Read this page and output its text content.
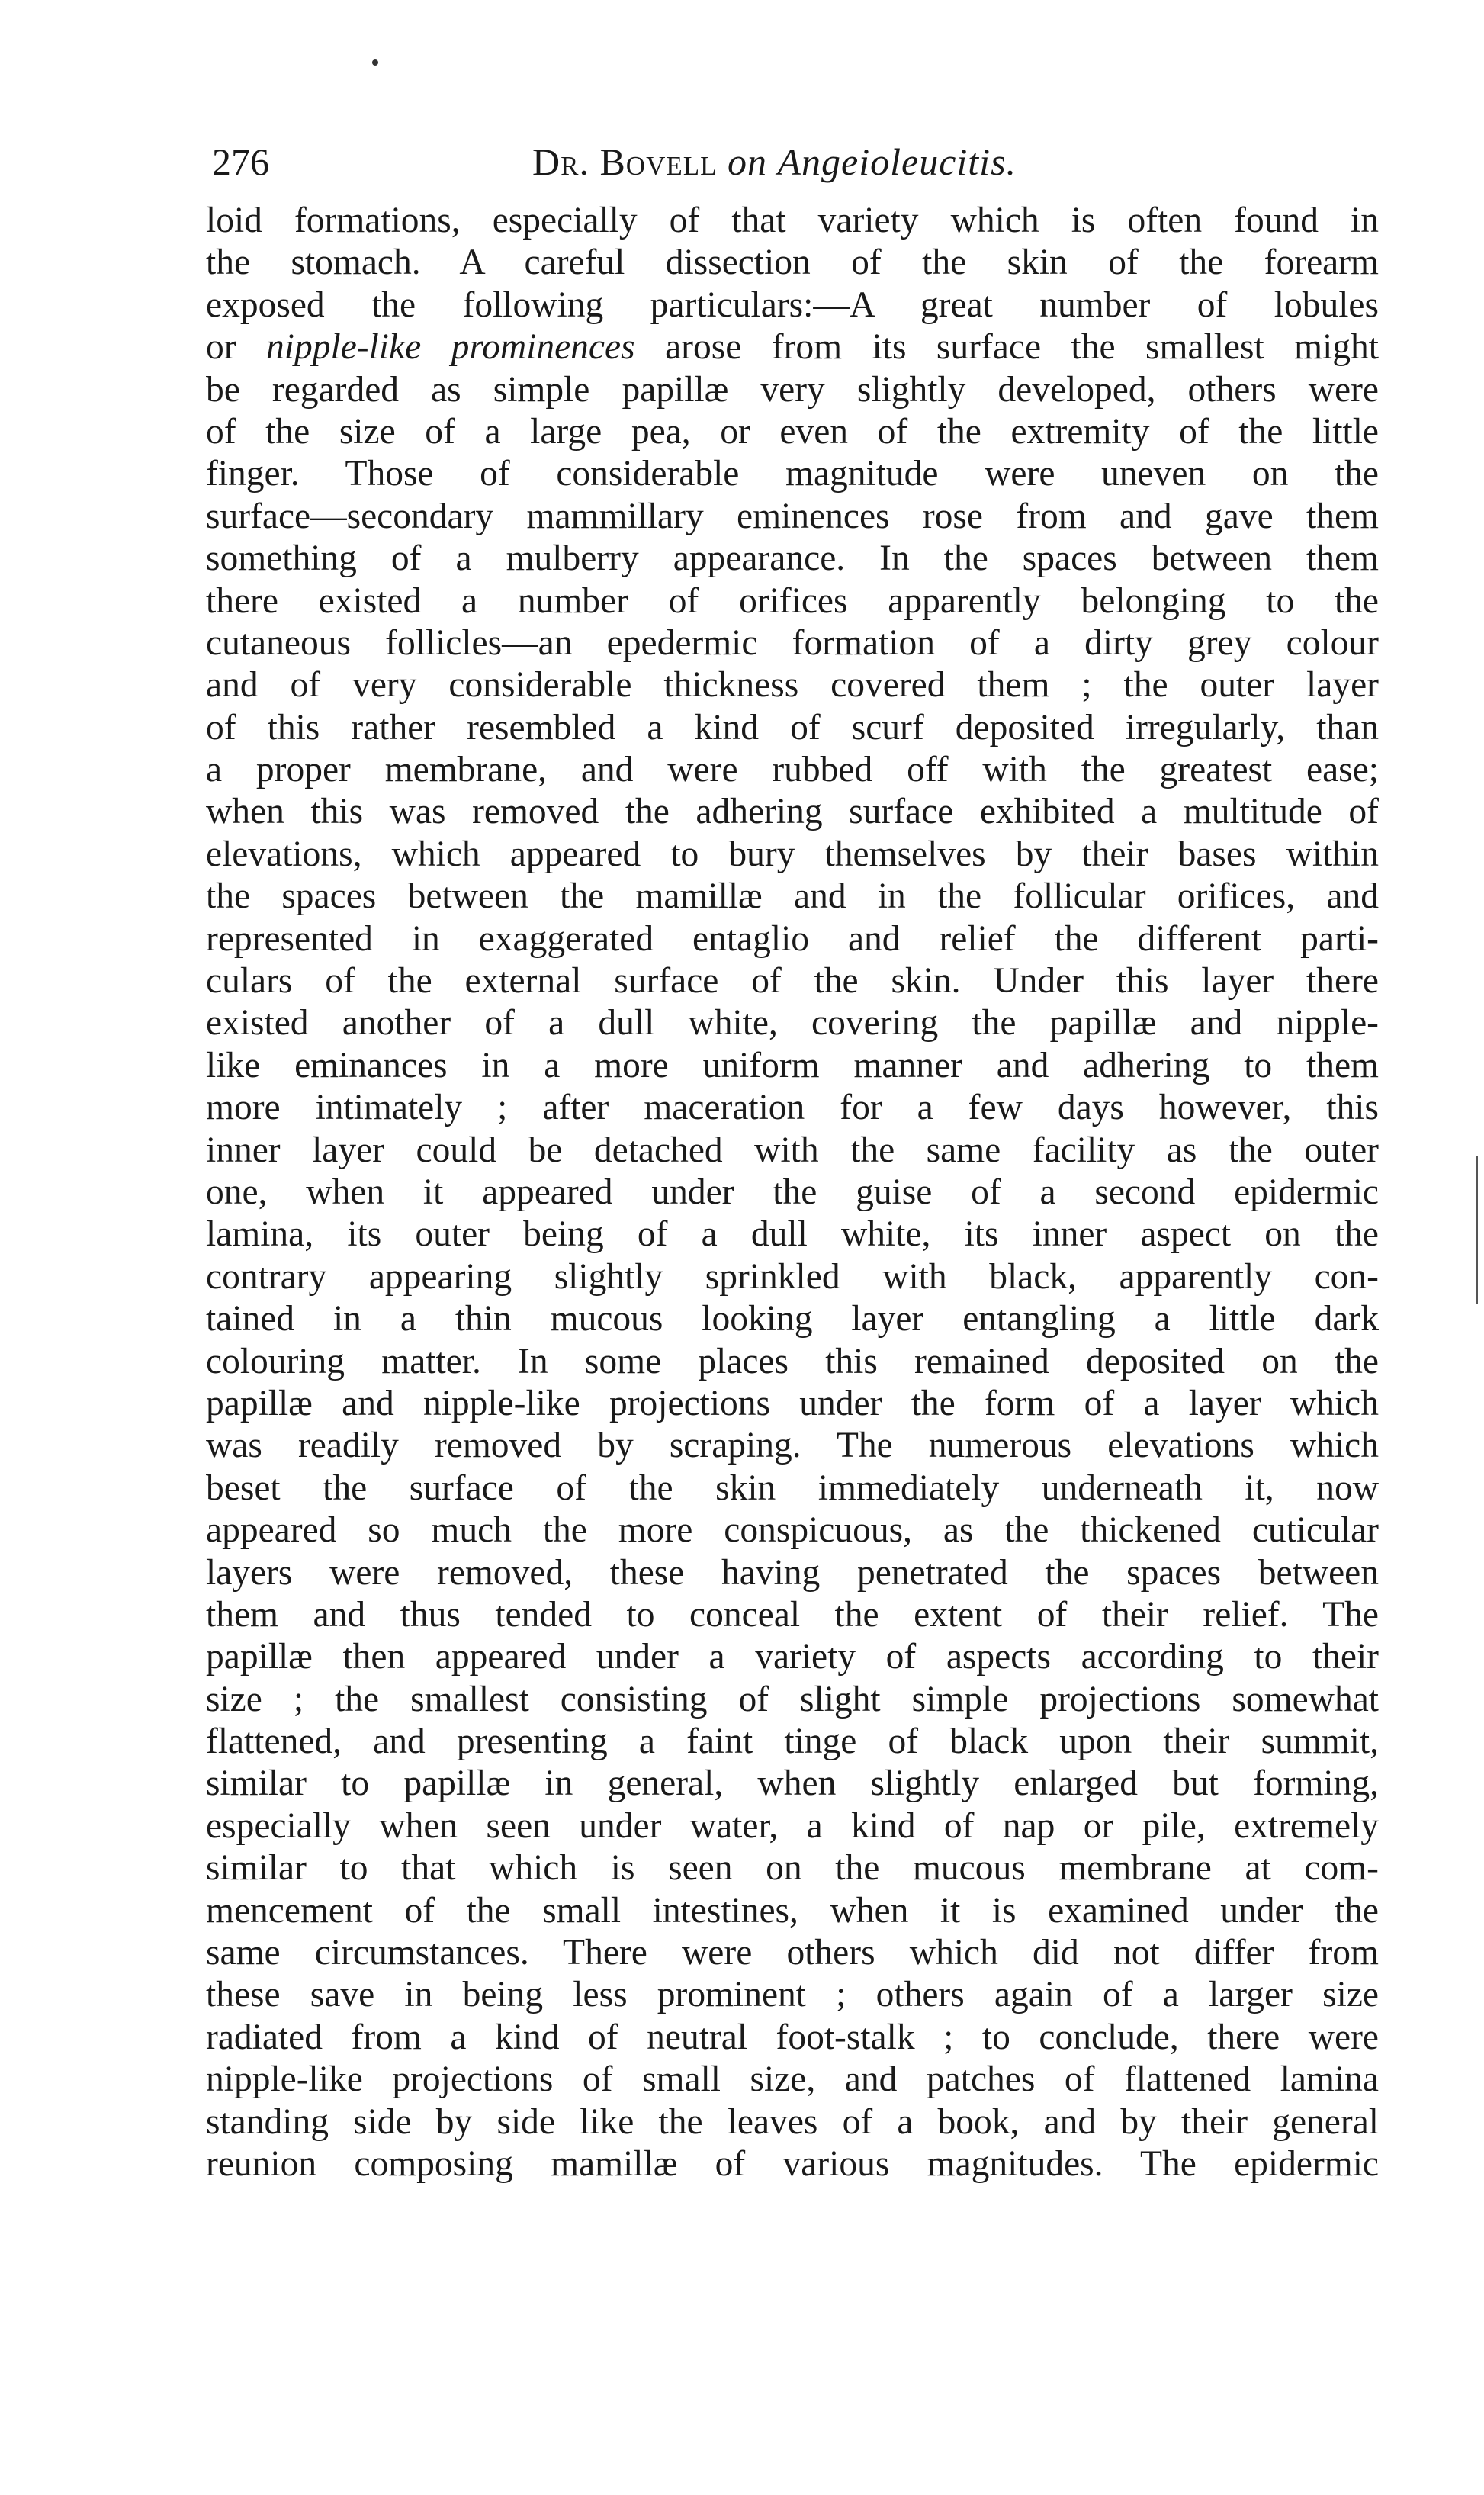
276	Dr. Bovell on Angeioleucitis.
loid formations, especially of that variety which is often found in
the stomach. A careful dissection of the skin of the forearm
exposed the following particulars:—A great number of lobules
or nipple-like prominences arose from its surface the smallest might
be regarded as simple papillæ very slightly developed, others were
of the size of a large pea, or even of the extremity of the little
finger. Those of considerable magnitude were uneven on the
surface—secondary mammillary eminences rose from and gave them
something of a mulberry appearance. In the spaces between them
there existed a number of orifices apparently belonging to the
cutaneous follicles—an epedermic formation of a dirty grey colour
and of very considerable thickness covered them ; the outer layer
of this rather resembled a kind of scurf deposited irregularly, than
a proper membrane, and were rubbed off with the greatest ease;
when this was removed the adhering surface exhibited a multitude of
elevations, which appeared to bury themselves by their bases within
the spaces between the mamillæ and in the follicular orifices, and
represented in exaggerated entaglio and relief the different parti-
culars of the external surface of the skin. Under this layer there
existed another of a dull white, covering the papillæ and nipple-
like eminances in a more uniform manner and adhering to them
more intimately ; after maceration for a few days however, this
inner layer could be detached with the same facility as the outer
one, when it appeared under the guise of a second epidermic
lamina, its outer being of a dull white, its inner aspect on the
contrary appearing slightly sprinkled with black, apparently con-
tained in a thin mucous looking layer entangling a little dark
colouring matter. In some places this remained deposited on the
papillæ and nipple-like projections under the form of a layer which
was readily removed by scraping. The numerous elevations which
beset the surface of the skin immediately underneath it, now
appeared so much the more conspicuous, as the thickened cuticular
layers were removed, these having penetrated the spaces between
them and thus tended to conceal the extent of their relief. The
papillæ then appeared under a variety of aspects according to their
size ; the smallest consisting of slight simple projections somewhat
flattened, and presenting a faint tinge of black upon their summit,
similar to papillæ in general, when slightly enlarged but forming,
especially when seen under water, a kind of nap or pile, extremely
similar to that which is seen on the mucous membrane at com-
mencement of the small intestines, when it is examined under the
same circumstances. There were others which did not differ from
these save in being less prominent ; others again of a larger size
radiated from a kind of neutral foot-stalk ; to conclude, there were
nipple-like projections of small size, and patches of flattened lamina
standing side by side like the leaves of a book, and by their general
reunion composing mamillæ of various magnitudes. The epidermic
